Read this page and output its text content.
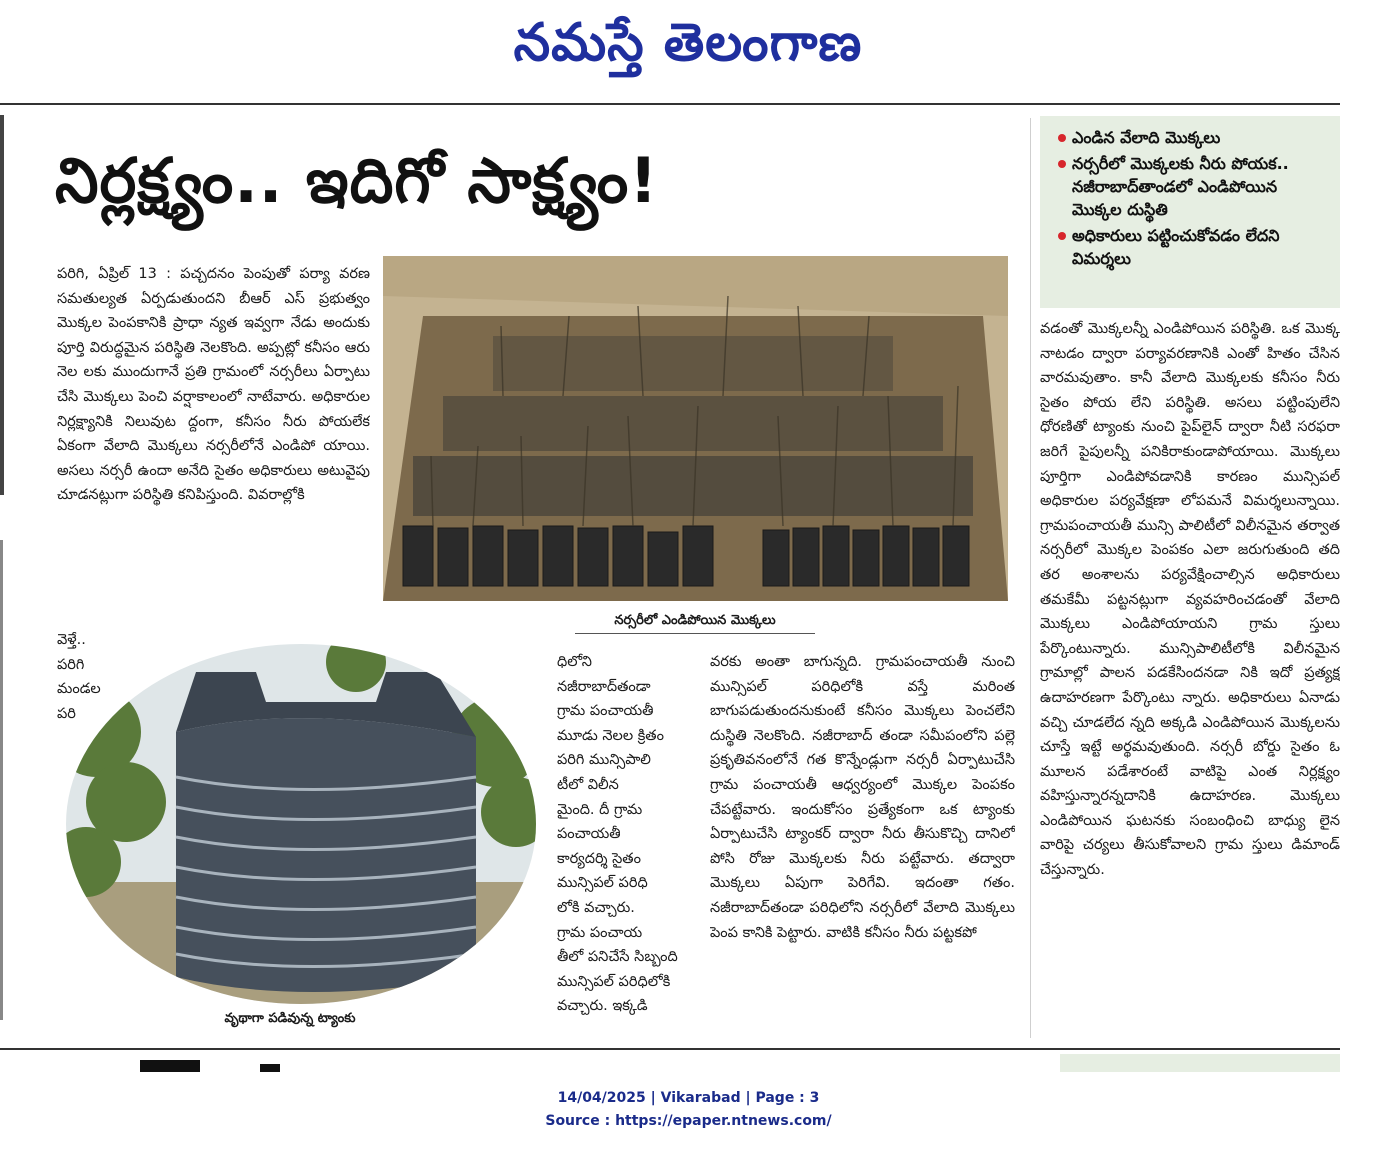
నమస్తే తెలంగాణ
నిర్లక్ష్యం.. ఇదిగో సాక్ష్యం!
ఎండిన వేలాది మొక్కలు
నర్సరీలో మొక్కలకు నీరు పోయక.. నజీరాబాద్‌తాండలో ఎండిపోయిన మొక్కల దుస్థితి
అధికారులు పట్టించుకోవడం లేదని విమర్శలు

పరిగి, ఏప్రిల్ 13 : పచ్చదనం పెంపుతో పర్యా వరణ సమతుల్యత ఏర్పడుతుందని బీఆర్ ఎస్ ప్రభుత్వం మొక్కల పెంపకానికి ప్రాధా న్యత ఇవ్వగా నేడు అందుకు పూర్తి విరుద్ధమైన పరిస్థితి నెలకొంది. అప్పట్లో కనీసం ఆరు నెల లకు ముందుగానే ప్రతి గ్రామంలో నర్సరీలు ఏర్పాటు చేసి మొక్కలు పెంచి వర్షాకాలంలో నాటేవారు. అధికారుల నిర్లక్ష్యానికి నిలువుట ద్దంగా, కనీసం నీరు పోయలేక ఏకంగా వేలాది మొక్కలు నర్సరీలోనే ఎండిపో యాయి. అసలు నర్సరీ ఉందా అనేది సైతం అధికారులు అటువైపు చూడనట్లుగా పరిస్థితి కనిపిస్తుంది. వివరాల్లోకి

వెళ్తే..

పరిగి

మండల

పరి

నర్సరీలో ఎండిపోయిన మొక్కలు
వృథాగా పడివున్న ట్యాంకు

ధిలోని నజీరాబాద్‌తండా

గ్రామ పంచాయతీ

మూడు నెలల క్రితం

పరిగి మున్సిపాలి

టీలో విలీన

మైంది. దీ గ్రామ

పంచాయతీ

కార్యదర్శి సైతం

మున్సిపల్ పరిధి

లోకి వచ్చారు.

గ్రామ పంచాయ

తీలో పనిచేసే సిబ్బంది

మున్సిపల్ పరిధిలోకి

వచ్చారు. ఇక్కడి

వరకు అంతా బాగున్నది. గ్రామపంచాయతీ నుంచి మున్సిపల్ పరిధిలోకి వస్తే మరింత బాగుపడుతుందనుకుంటే కనీసం మొక్కలు పెంచలేని దుస్థితి నెలకొంది. నజీరాబాద్ తండా సమీపంలోని పల్లె ప్రకృతివనంలోనే గత కొన్నేండ్లుగా నర్సరీ ఏర్పాటుచేసి గ్రామ పంచాయతీ ఆధ్వర్యంలో మొక్కల పెంపకం చేపట్టేవారు. ఇందుకోసం ప్రత్యేకంగా ఒక ట్యాంకు ఏర్పాటుచేసి ట్యాంకర్ ద్వారా నీరు తీసుకొచ్చి దానిలో పోసి రోజు మొక్కలకు నీరు పట్టేవారు. తద్వారా మొక్కలు ఏపుగా పెరిగేవి. ఇదంతా గతం. నజీరాబాద్‌తండా పరిధిలోని నర్సరీలో వేలాది మొక్కలు పెంప కానికి పెట్టారు. వాటికి కనీసం నీరు పట్టకపో

వడంతో మొక్కలన్నీ ఎండిపోయిన పరిస్థితి. ఒక మొక్క నాటడం ద్వారా పర్యావరణానికి ఎంతో హితం చేసిన వారమవుతాం. కానీ వేలాది మొక్కలకు కనీసం నీరు సైతం పోయ లేని పరిస్థితి. అసలు పట్టింపులేని ధోరణితో ట్యాంకు నుంచి పైప్‌లైన్ ద్వారా నీటి సరఫరా జరిగే పైపులన్నీ పనికిరాకుండాపోయాయి. మొక్కలు పూర్తిగా ఎండిపోవడానికి కారణం మున్సిపల్ అధికారుల పర్యవేక్షణా లోపమనే విమర్శలున్నాయి. గ్రామపంచాయతీ మున్సి పాలిటీలో విలీనమైన తర్వాత నర్సరీలో మొక్కల పెంపకం ఎలా జరుగుతుంది తది తర అంశాలను పర్యవేక్షించాల్సిన అధికారులు తమకేమీ పట్టనట్లుగా వ్యవహరించడంతో వేలాది మొక్కలు ఎండిపోయాయని గ్రామ స్తులు పేర్కొంటున్నారు. మున్సిపాలిటీలోకి విలీనమైన గ్రామాల్లో పాలన పడకేసిందనడా నికి ఇదో ప్రత్యక్ష ఉదాహరణగా పేర్కొంటు న్నారు. అధికారులు ఏనాడు వచ్చి చూడలేద న్నది అక్కడి ఎండిపోయిన మొక్కలను చూస్తే ఇట్టే అర్థమవుతుంది. నర్సరీ బోర్డు సైతం ఓ మూలన పడేశారంటే వాటిపై ఎంత నిర్లక్ష్యం వహిస్తున్నారన్నదానికి ఉదాహరణ. మొక్కలు ఎండిపోయిన ఘటనకు సంబంధించి బాధ్యు లైన వారిపై చర్యలు తీసుకోవాలని గ్రామ స్తులు డిమాండ్ చేస్తున్నారు.

14/04/2025 | Vikarabad | Page : 3
Source : https://epaper.ntnews.com/
